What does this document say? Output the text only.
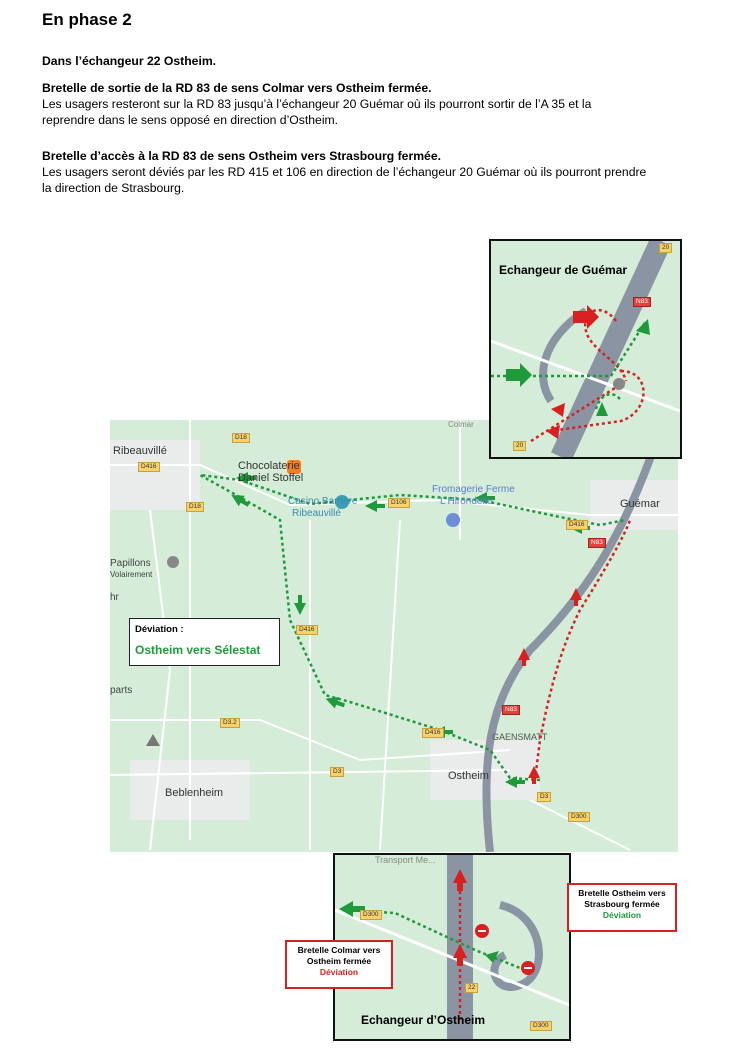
En phase 2
Dans l’échangeur 22 Ostheim.
Bretelle de sortie de la RD 83 de sens Colmar vers Ostheim fermée.
Les usagers resteront sur la RD 83 jusqu’à l’échangeur 20 Guémar où ils pourront sortir de l’A 35 et la
reprendre dans le sens opposé en direction d’Ostheim.
Bretelle d’accès à la RD 83 de sens Ostheim vers Strasbourg fermée.
Les usagers seront déviés par les RD 415 et 106 en direction de l’échangeur 20 Guémar où ils pourront prendre
la direction de Strasbourg.
Ribeauvillé
Chocolaterie
Daniel Stoffel
Casino Barrière
Ribeauvillé
Fromagerie Ferme
L'Hirondelle	Guémar
Papillons
Volairement
hr
parts
GAENSMATT
Ostheim
Beblenheim
Colmar
D18
D416
D18
D106
D416
D3.2
D3
D416
D300
D416
N83
N83
D3
Déviation :
Ostheim vers Sélestat
Echangeur de Guémar
20
N83
20
Transport Me...
Echangeur d’Ostheim
D300
22
D300
Bretelle Ostheim vers
Strasbourg fermée
Déviation
Bretelle Colmar vers
Ostheim fermée
Déviation
